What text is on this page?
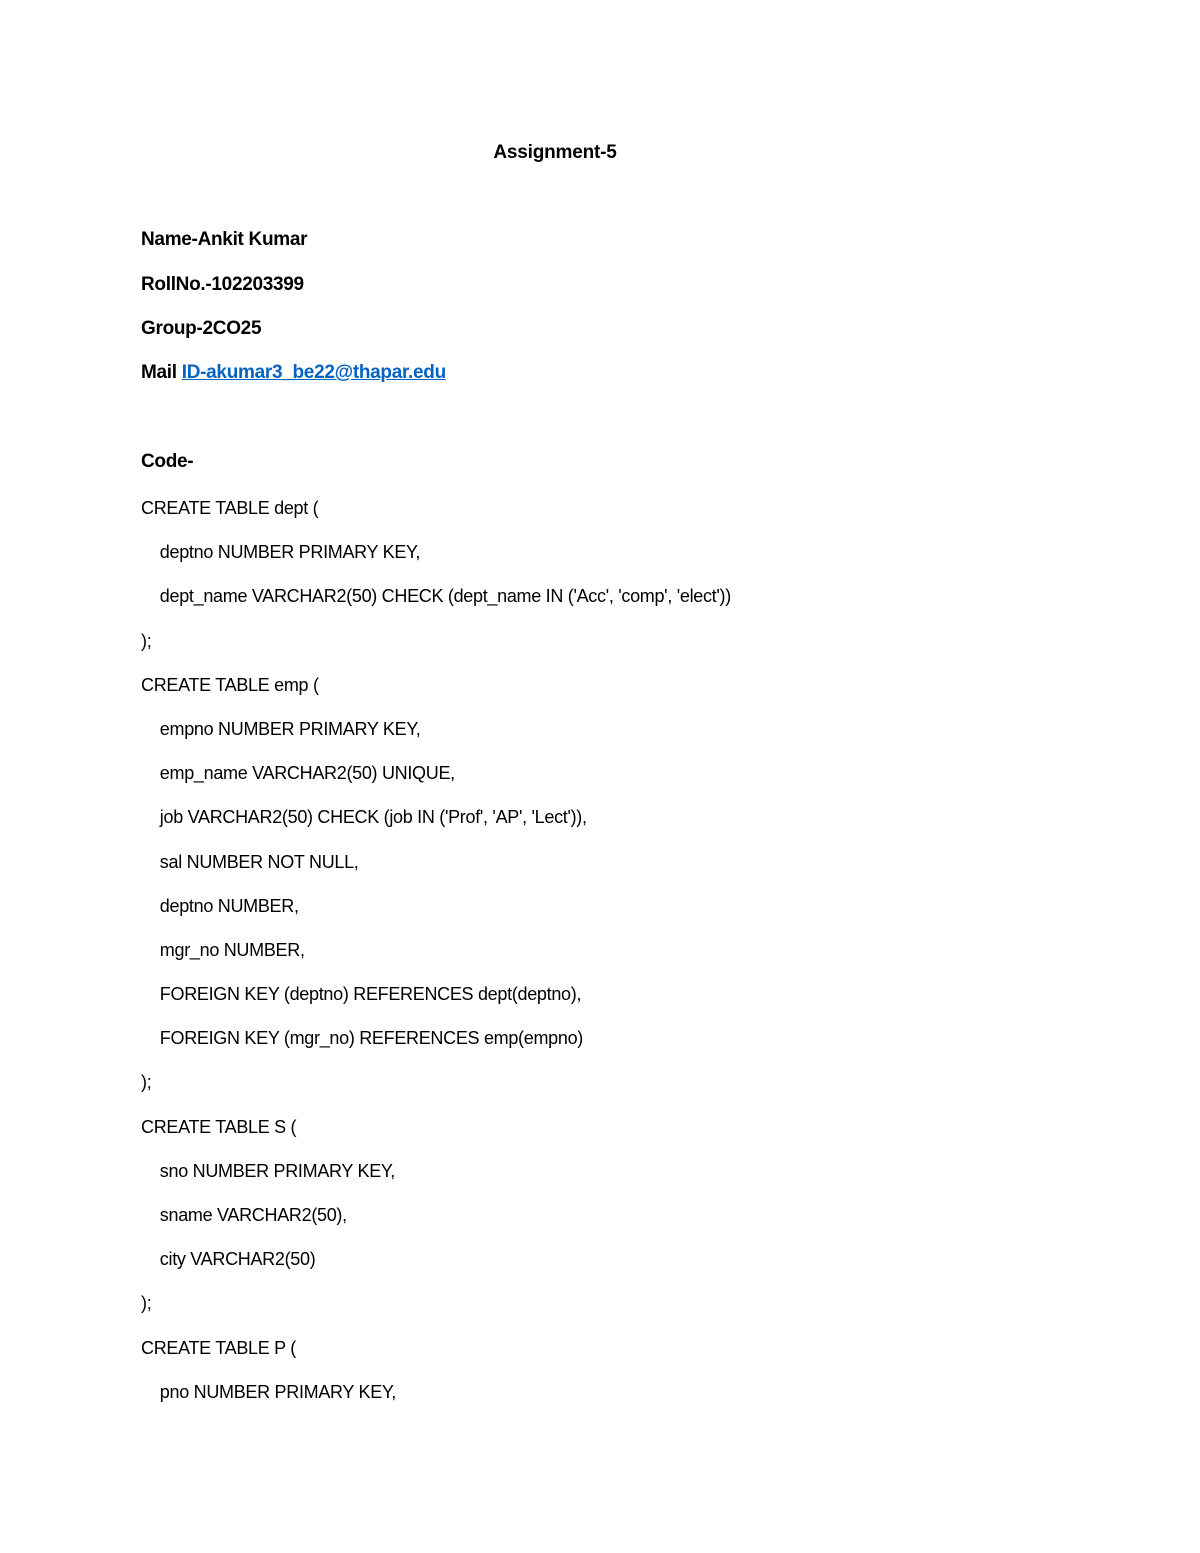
Assignment-5
Name-Ankit Kumar
RollNo.-102203399
Group-2CO25
Mail ID-akumar3_be22@thapar.edu
Code-
CREATE TABLE dept (
deptno NUMBER PRIMARY KEY,
dept_name VARCHAR2(50) CHECK (dept_name IN ('Acc', 'comp', 'elect'))
);
CREATE TABLE emp (
empno NUMBER PRIMARY KEY,
emp_name VARCHAR2(50) UNIQUE,
job VARCHAR2(50) CHECK (job IN ('Prof', 'AP', 'Lect')),
sal NUMBER NOT NULL,
deptno NUMBER,
mgr_no NUMBER,
FOREIGN KEY (deptno) REFERENCES dept(deptno),
FOREIGN KEY (mgr_no) REFERENCES emp(empno)
);
CREATE TABLE S (
sno NUMBER PRIMARY KEY,
sname VARCHAR2(50),
city VARCHAR2(50)
);
CREATE TABLE P (
pno NUMBER PRIMARY KEY,
